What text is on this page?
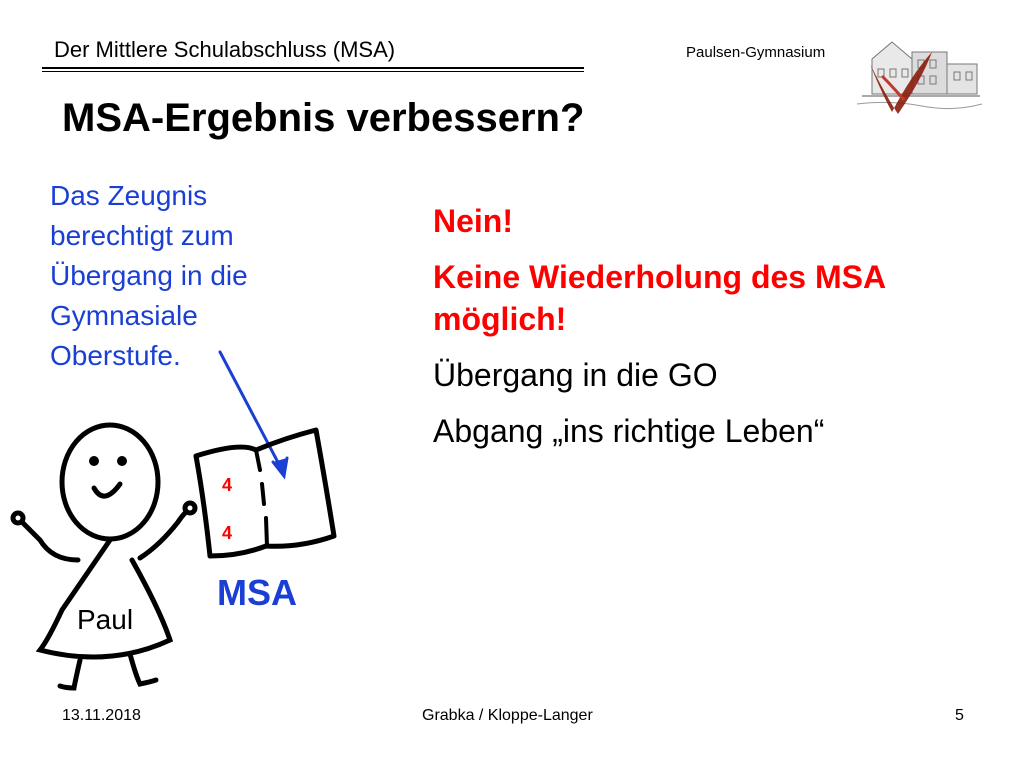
Der Mittlere Schulabschluss (MSA)	Paulsen-Gymnasium
MSA-Ergebnis verbessern?
Das Zeugnis berechtigt zum Übergang in die Gymnasiale Oberstufe.
Nein!
Keine Wiederholung des MSA möglich!
Übergang in die GO
Abgang „ins richtige Leben“
4
4
MSA
Paul
13.11.2018	Grabka / Kloppe-Langer	5
